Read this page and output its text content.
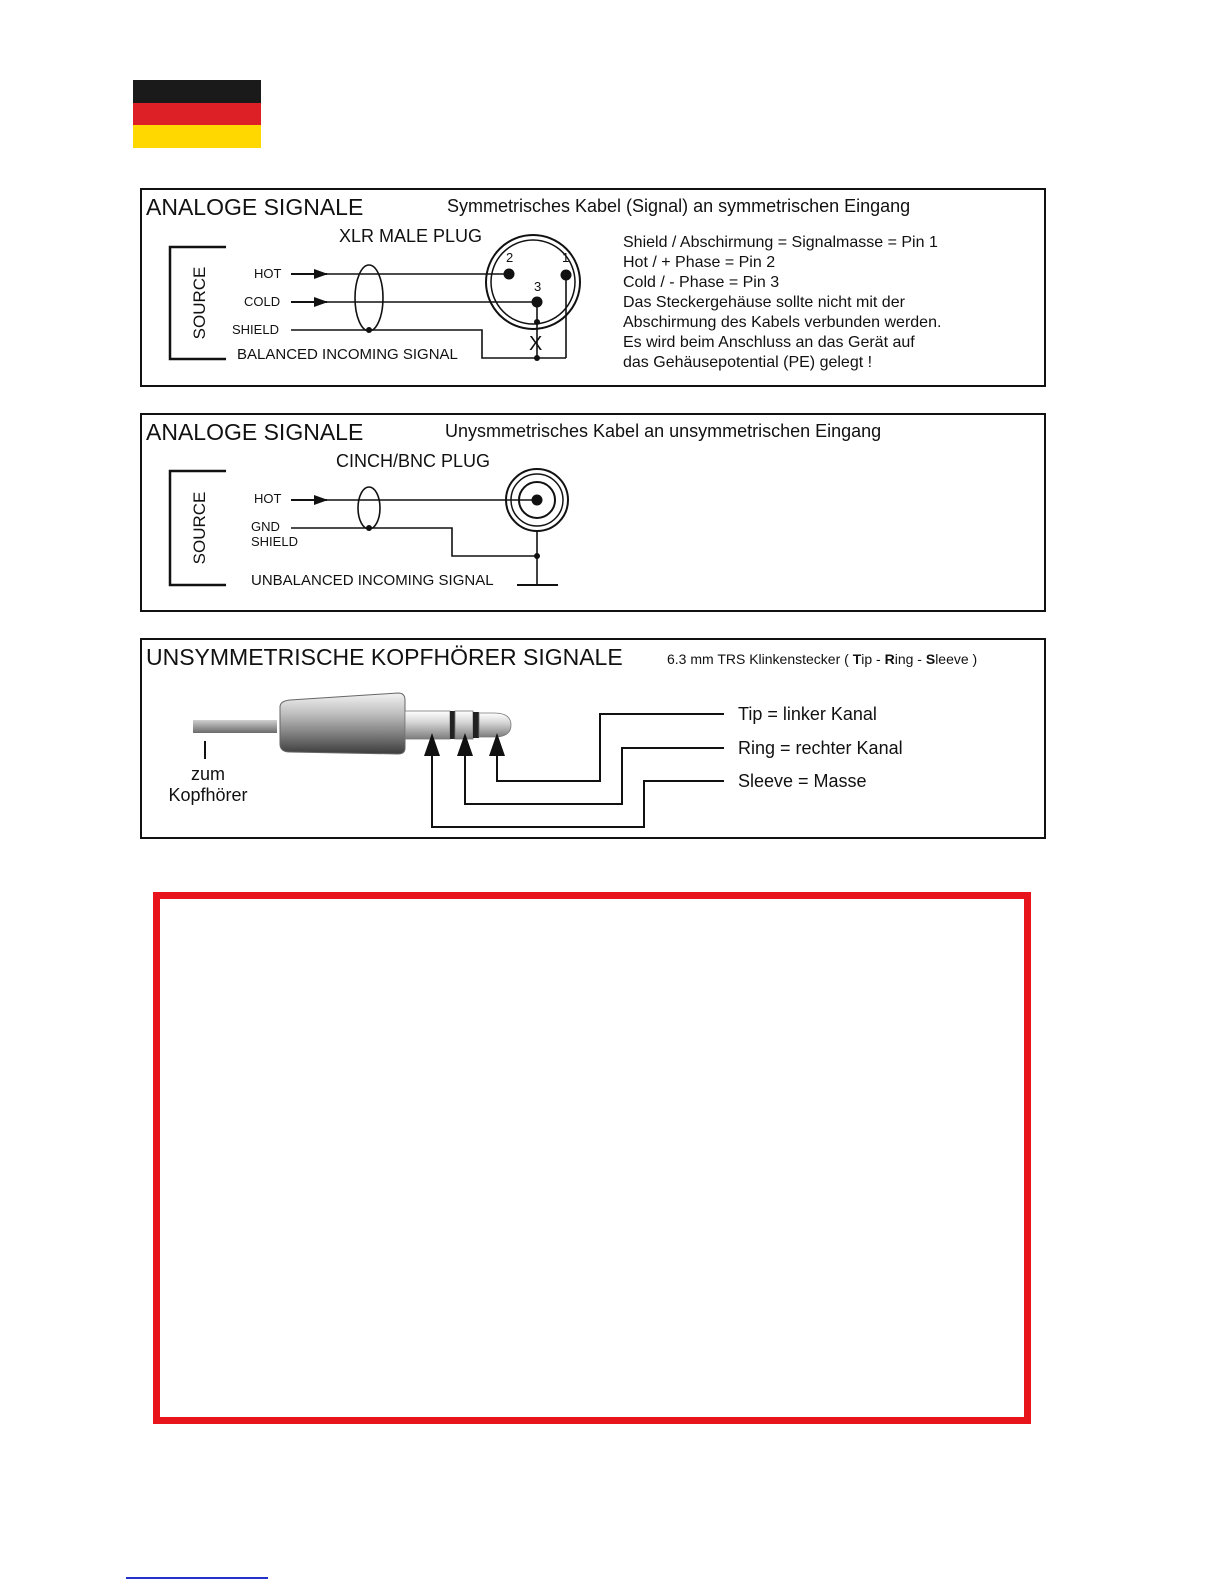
ANALOGE SIGNALE	Symmetrisches Kabel (Signal) an symmetrischen Eingang
XLR MALE PLUG
SOURCE	HOT
COLD
SHIELD
BALANCED INCOMING SIGNAL
2	1
3
X
Shield / Abschirmung = Signalmasse = Pin 1
Hot / + Phase = Pin 2
Cold / - Phase = Pin 3
Das Steckergehäuse sollte nicht mit der
Abschirmung des Kabels verbunden werden.
Es wird beim Anschluss an das Gerät auf
das Gehäusepotential (PE) gelegt !
ANALOGE SIGNALE	Unysmmetrisches Kabel an unsymmetrischen Eingang
CINCH/BNC PLUG
SOURCE	HOT
GND
SHIELD
UNBALANCED INCOMING SIGNAL
UNSYMMETRISCHE KOPFHÖRER SIGNALE	6.3 mm TRS Klinkenstecker ( Tip - Ring - Sleeve )
zum
Kopfhörer
Tip = linker Kanal
Ring = rechter Kanal
Sleeve = Masse
